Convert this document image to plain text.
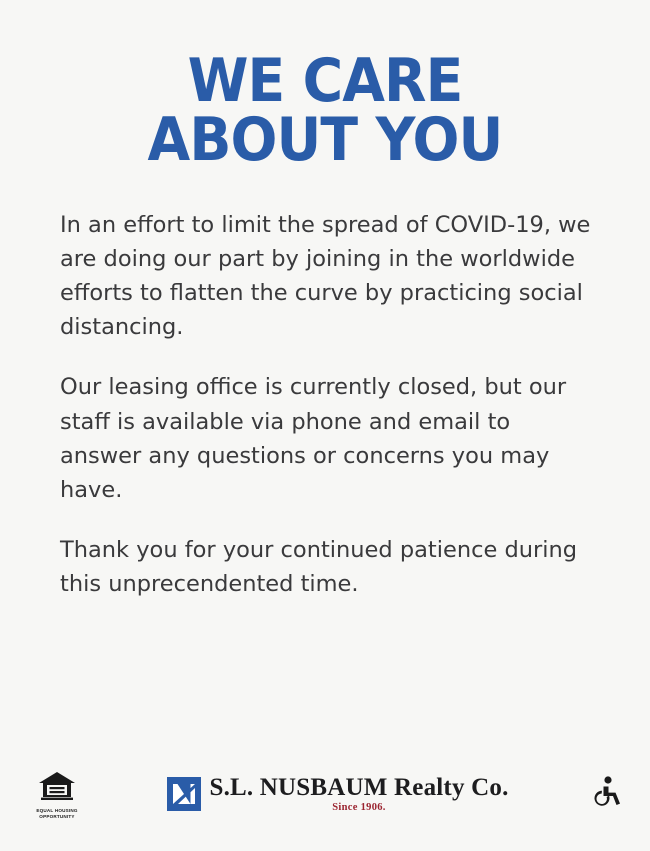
WE CARE
ABOUT YOU

In an effort to limit the spread of COVID-19, we are doing our part by joining in the worldwide efforts to flatten the curve by practicing social distancing.

Our leasing office is currently closed, but our staff is available via phone and email to answer any questions or concerns you may have.

Thank you for your continued patience during this unprecendented time.

EQUAL HOUSING
OPPORTUNITY
S.L. NUSBAUM Realty Co.
Since 1906.
